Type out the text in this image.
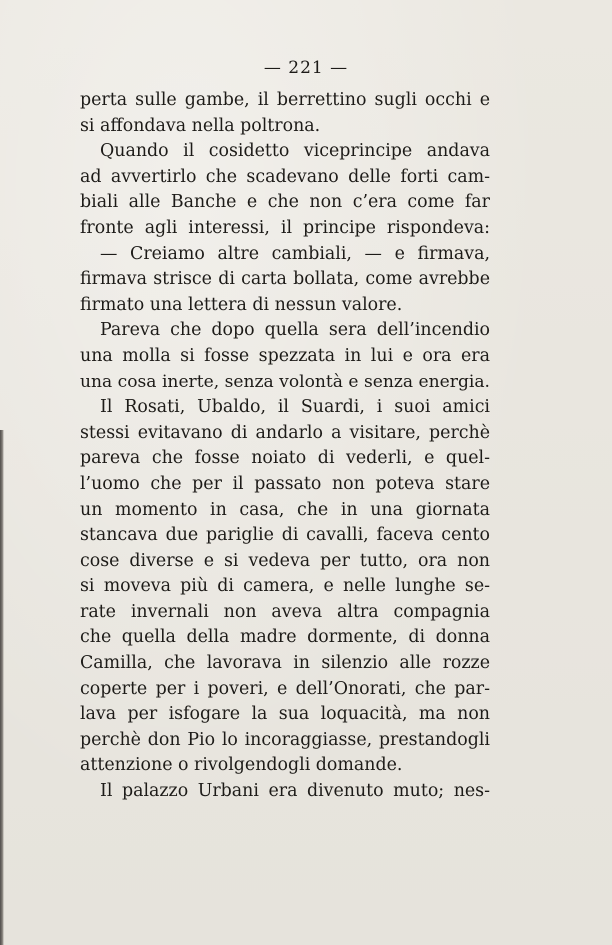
— 221 —
perta sulle gambe, il berrettino sugli occhi e
si affondava nella poltrona.
Quando il cosidetto viceprincipe andava
ad avvertirlo che scadevano delle forti cam-
biali alle Banche e che non c’era come far
fronte agli interessi, il principe rispondeva:
— Creiamo altre cambiali, — e firmava,
firmava strisce di carta bollata, come avrebbe
firmato una lettera di nessun valore.
Pareva che dopo quella sera dell’incendio
una molla si fosse spezzata in lui e ora era
una cosa inerte, senza volontà e senza energia.
Il Rosati, Ubaldo, il Suardi, i suoi amici
stessi evitavano di andarlo a visitare, perchè
pareva che fosse noiato di vederli, e quel-
l’uomo che per il passato non poteva stare
un momento in casa, che in una giornata
stancava due pariglie di cavalli, faceva cento
cose diverse e si vedeva per tutto, ora non
si moveva più di camera, e nelle lunghe se-
rate invernali non aveva altra compagnia
che quella della madre dormente, di donna
Camilla, che lavorava in silenzio alle rozze
coperte per i poveri, e dell’Onorati, che par-
lava per isfogare la sua loquacità, ma non
perchè don Pio lo incoraggiasse, prestandogli
attenzione o rivolgendogli domande.
Il palazzo Urbani era divenuto muto; nes-
